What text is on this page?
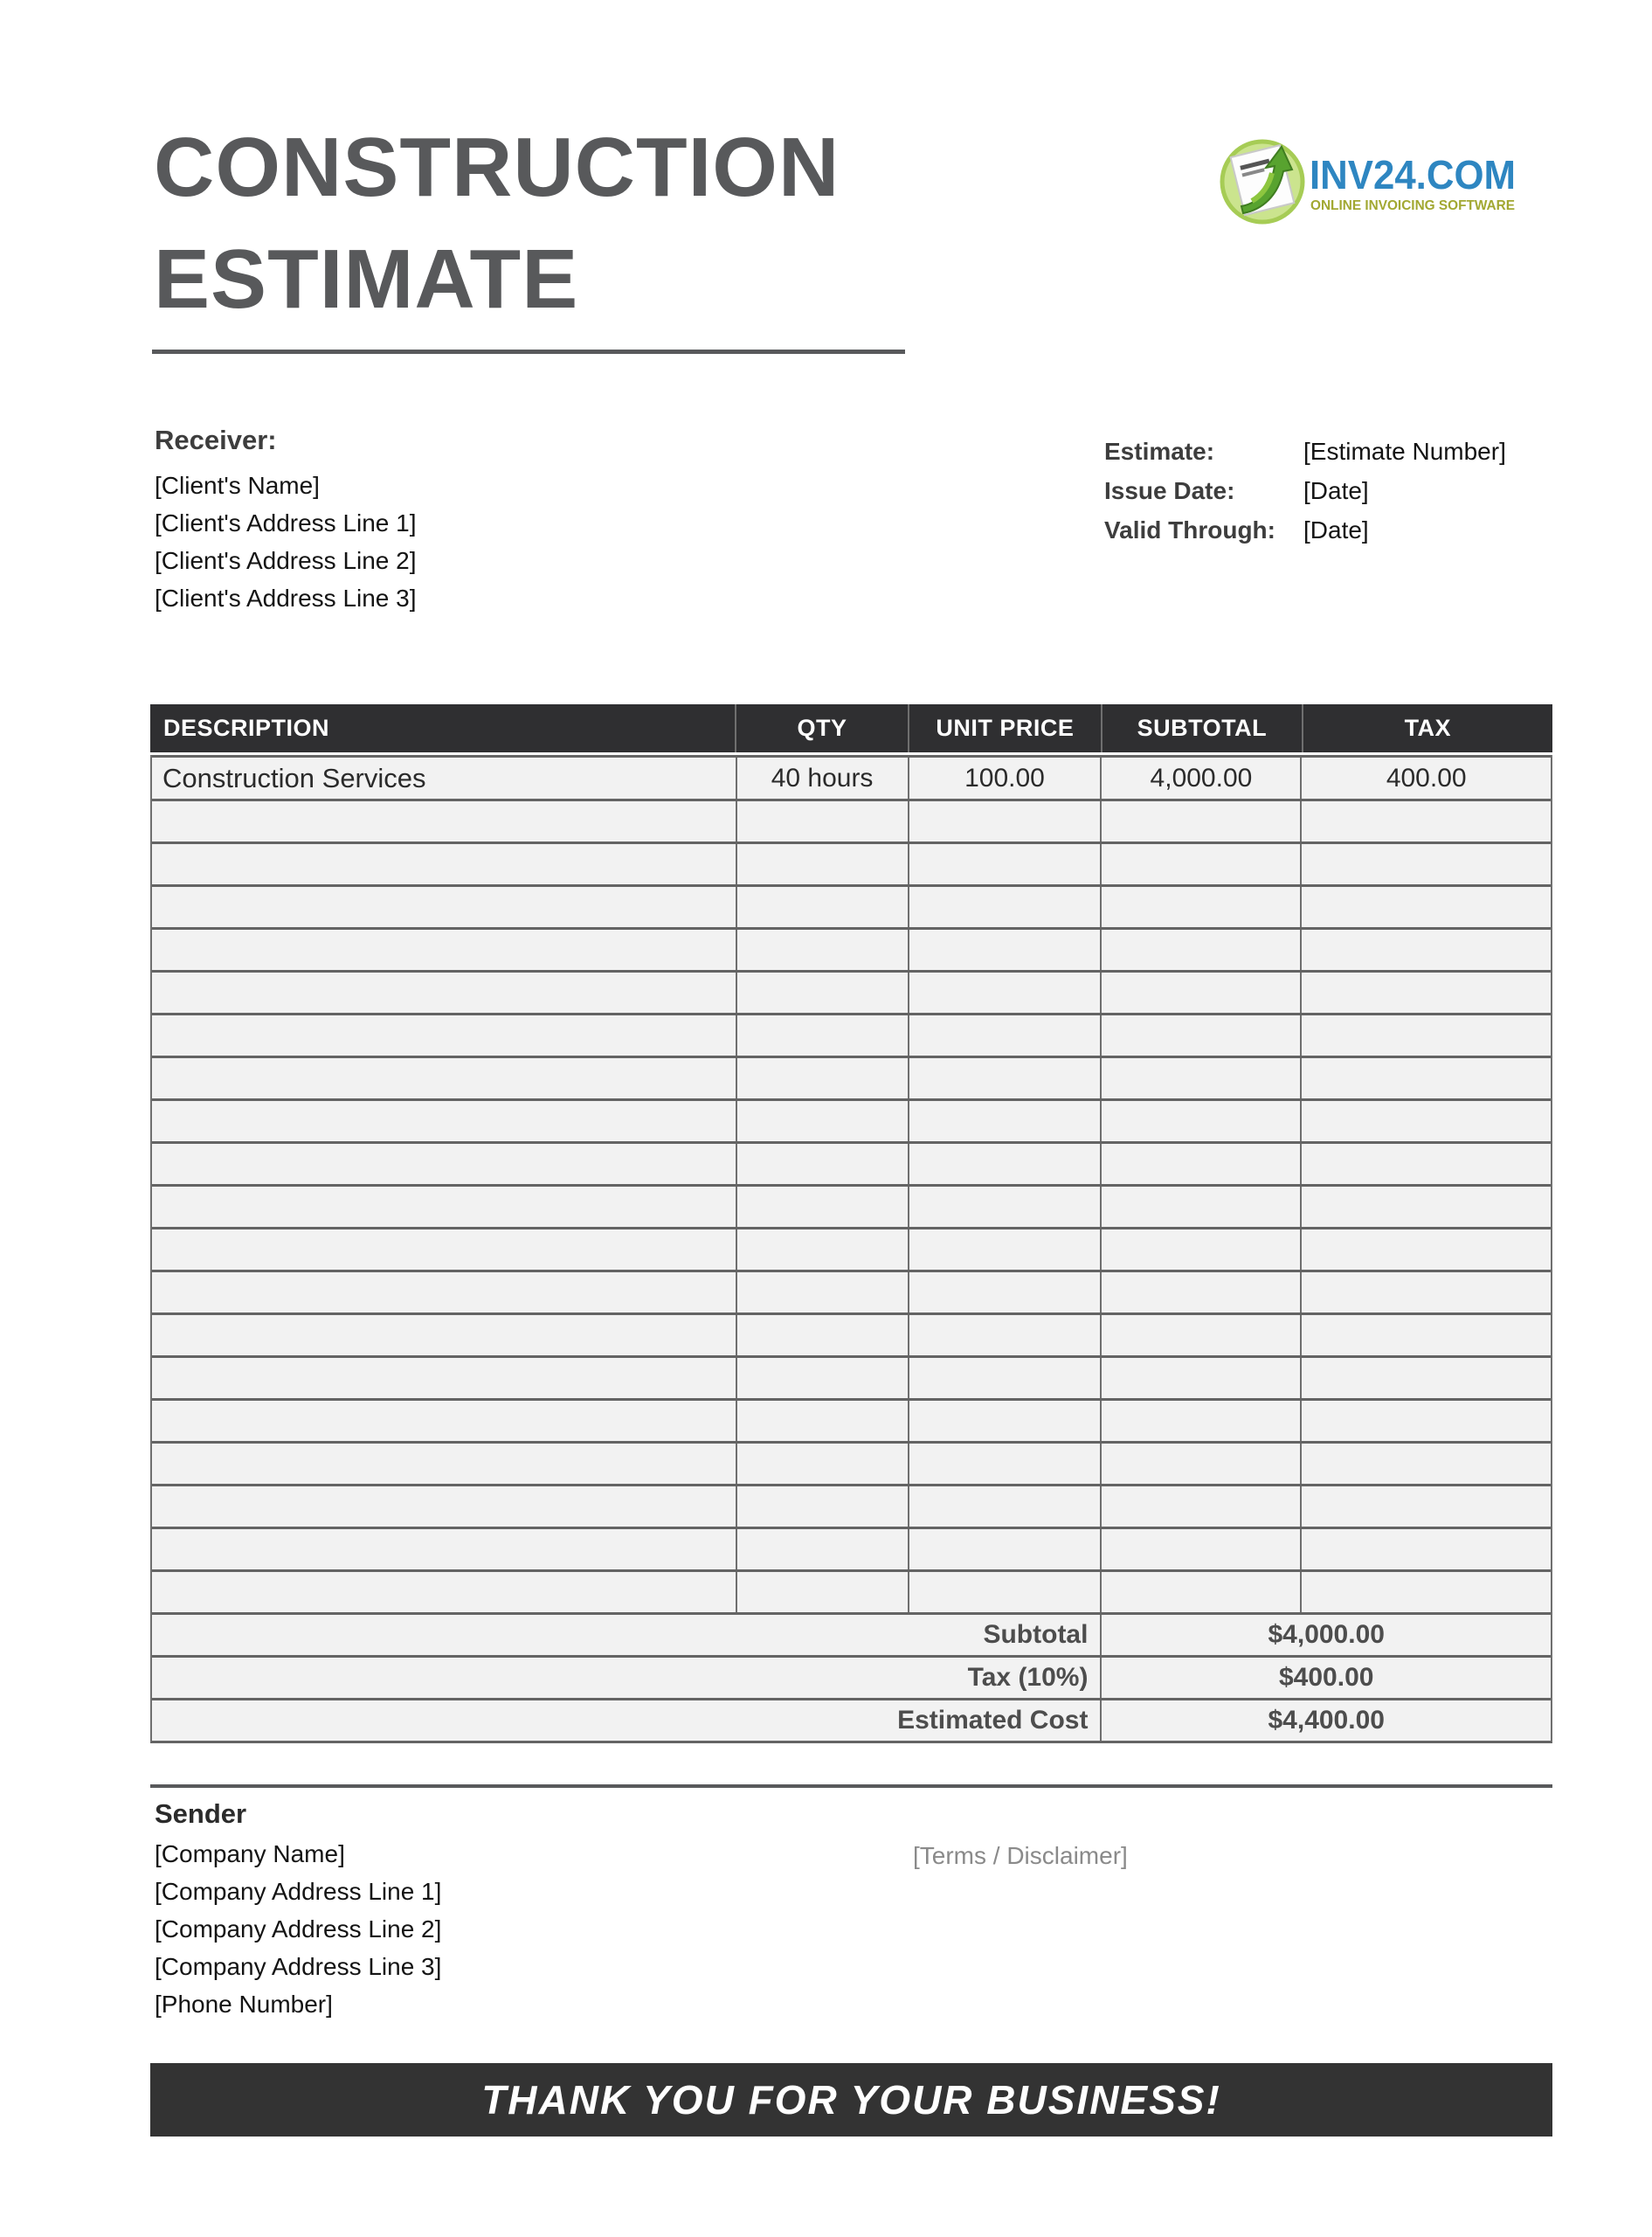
CONSTRUCTION
ESTIMATE
INV24.COM
ONLINE INVOICING SOFTWARE
Receiver:
[Client's Name]
[Client's Address Line 1]
[Client's Address Line 2]
[Client's Address Line 3]
Estimate:	[Estimate Number]
Issue Date:	[Date]
Valid Through:	[Date]
DESCRIPTION	QTY	UNIT PRICE	SUBTOTAL	TAX
Construction Services	40 hours	100.00	4,000.00	400.00
Subtotal	$4,000.00
Tax (10%)	$400.00
Estimated Cost	$4,400.00
Sender
[Company Name]
[Company Address Line 1]
[Company Address Line 2]
[Company Address Line 3]
[Phone Number]
[Terms / Disclaimer]
THANK YOU FOR YOUR BUSINESS!
